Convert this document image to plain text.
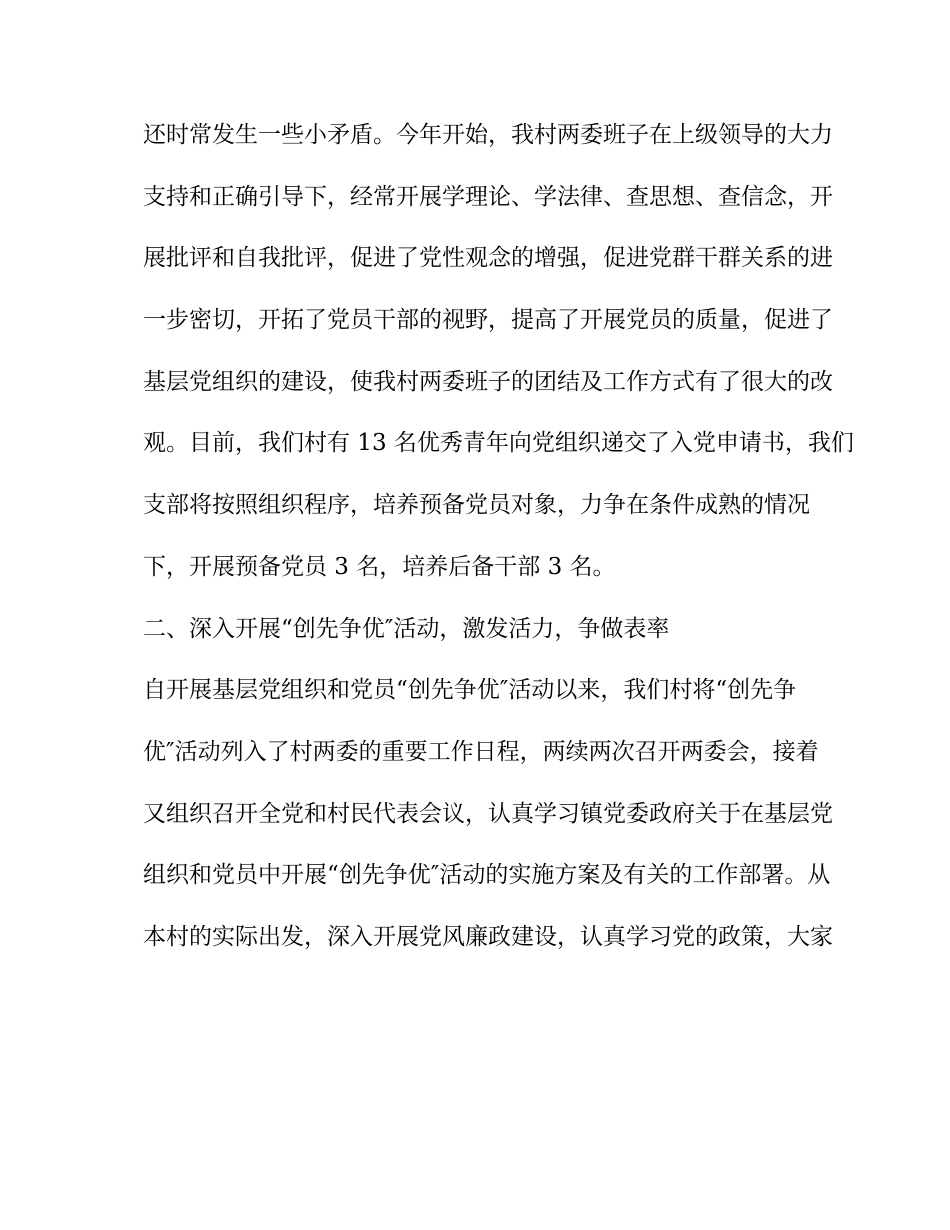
还时常发生一些小矛盾。今年开始，我村两委班子在上级领导的大力
支持和正确引导下，经常开展学理论、学法律、查思想、查信念，开
展批评和自我批评，促进了党性观念的增强，促进党群干群关系的进
一步密切，开拓了党员干部的视野，提高了开展党员的质量，促进了
基层党组织的建设，使我村两委班子的团结及工作方式有了很大的改
观。目前，我们村有 13 名优秀青年向党组织递交了入党申请书，我们
支部将按照组织程序，培养预备党员对象，力争在条件成熟的情况
下，开展预备党员 3 名，培养后备干部 3 名。
二、深入开展“创先争优″活动，激发活力，争做表率
自开展基层党组织和党员“创先争优″活动以来，我们村将“创先争
优″活动列入了村两委的重要工作日程，两续两次召开两委会，接着
又组织召开全党和村民代表会议，认真学习镇党委政府关于在基层党
组织和党员中开展“创先争优″活动的实施方案及有关的工作部署。从
本村的实际出发，深入开展党风廉政建设，认真学习党的政策，大家
